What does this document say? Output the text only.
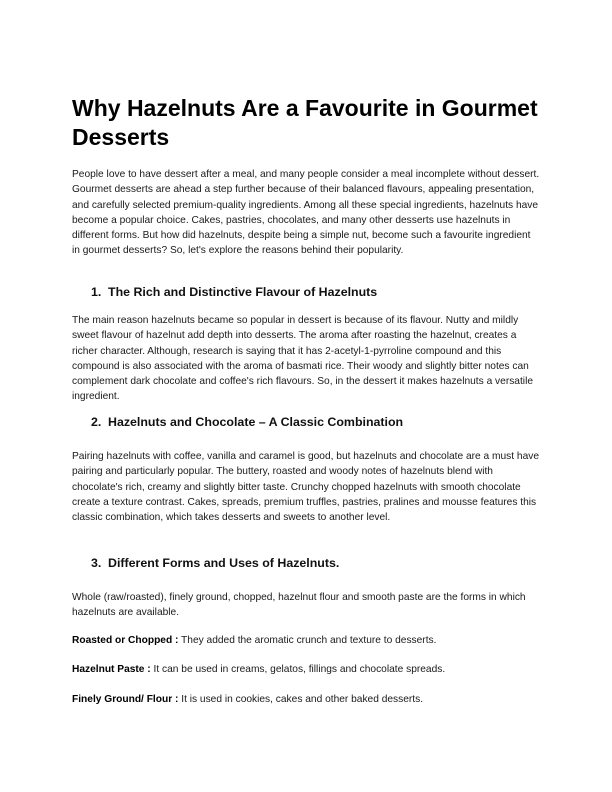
Why Hazelnuts Are a Favourite in Gourmet Desserts

People love to have dessert after a meal, and many people consider a meal incomplete without dessert. Gourmet desserts are ahead a step further because of their balanced flavours, appealing presentation, and carefully selected premium-quality ingredients. Among all these special ingredients, hazelnuts have become a popular choice. Cakes, pastries, chocolates, and many other desserts use hazelnuts in different forms. But how did hazelnuts, despite being a simple nut, become such a favourite ingredient in gourmet desserts? So, let's explore the reasons behind their popularity.

1. The Rich and Distinctive Flavour of Hazelnuts

The main reason hazelnuts became so popular in dessert is because of its flavour. Nutty and mildly sweet flavour of hazelnut add depth into desserts. The aroma after roasting the hazelnut, creates a richer character. Although, research is saying that it has 2-acetyl-1-pyrroline compound and this compound is also associated with the aroma of basmati rice. Their woody and slightly bitter notes can complement dark chocolate and coffee's rich flavours. So, in the dessert it makes hazelnuts a versatile ingredient.

2. Hazelnuts and Chocolate – A Classic Combination

Pairing hazelnuts with coffee, vanilla and caramel is good, but hazelnuts and chocolate are a must have pairing and particularly popular. The buttery, roasted and woody notes of hazelnuts blend with chocolate's rich, creamy and slightly bitter taste. Crunchy chopped hazelnuts with smooth chocolate create a texture contrast. Cakes, spreads, premium truffles, pastries, pralines and mousse features this classic combination, which takes desserts and sweets to another level.

3. Different Forms and Uses of Hazelnuts.

Whole (raw/roasted), finely ground, chopped, hazelnut flour and smooth paste are the forms in which hazelnuts are available.

Roasted or Chopped : They added the aromatic crunch and texture to desserts.

Hazelnut Paste : It can be used in creams, gelatos, fillings and chocolate spreads.

Finely Ground/ Flour : It is used in cookies, cakes and other baked desserts.
